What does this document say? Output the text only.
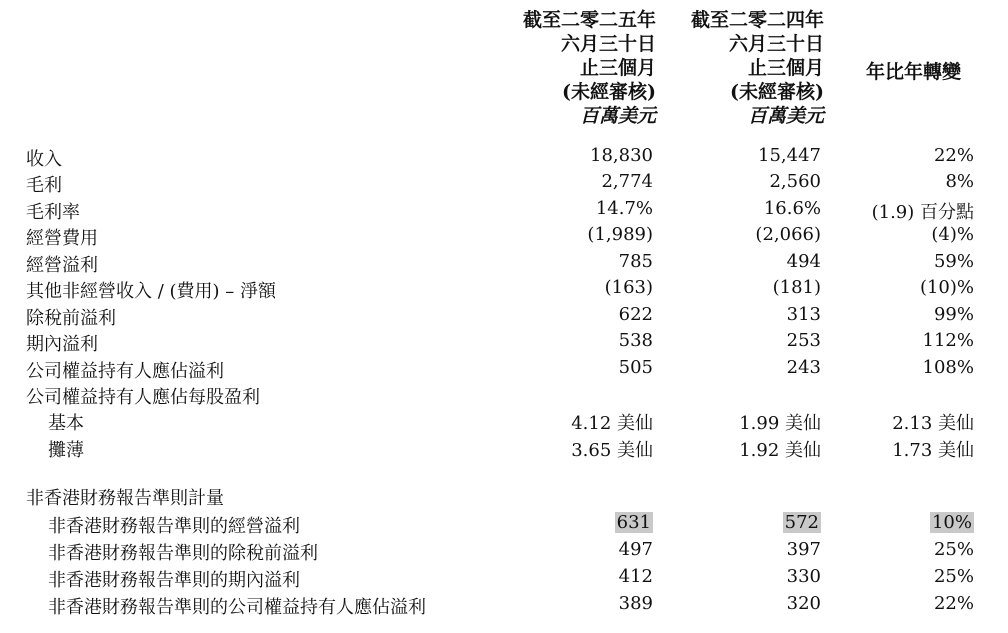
截至二零二五年
六月三十日
止三個月
(未經審核)
百萬美元
截至二零二四年
六月三十日
止三個月
(未經審核)
百萬美元
年比年轉變
收入	18,830	15,447	22%
毛利	2,774	2,560	8%
毛利率	14.7%	16.6%	(1.9) 百分點
經營費用	(1,989)	(2,066)	(4)%
經營溢利	785	494	59%
其他非經營收入 / (費用) – 淨額	(163)	(181)	(10)%
除稅前溢利	622	313	99%
期內溢利	538	253	112%
公司權益持有人應佔溢利	505	243	108%
公司權益持有人應佔每股盈利
基本	4.12 美仙	1.99 美仙	2.13 美仙
攤薄	3.65 美仙	1.92 美仙	1.73 美仙
非香港財務報告準則計量
非香港財務報告準則的經營溢利	631	572	10%
非香港財務報告準則的除稅前溢利	497	397	25%
非香港財務報告準則的期內溢利	412	330	25%
非香港財務報告準則的公司權益持有人應佔溢利	389	320	22%
